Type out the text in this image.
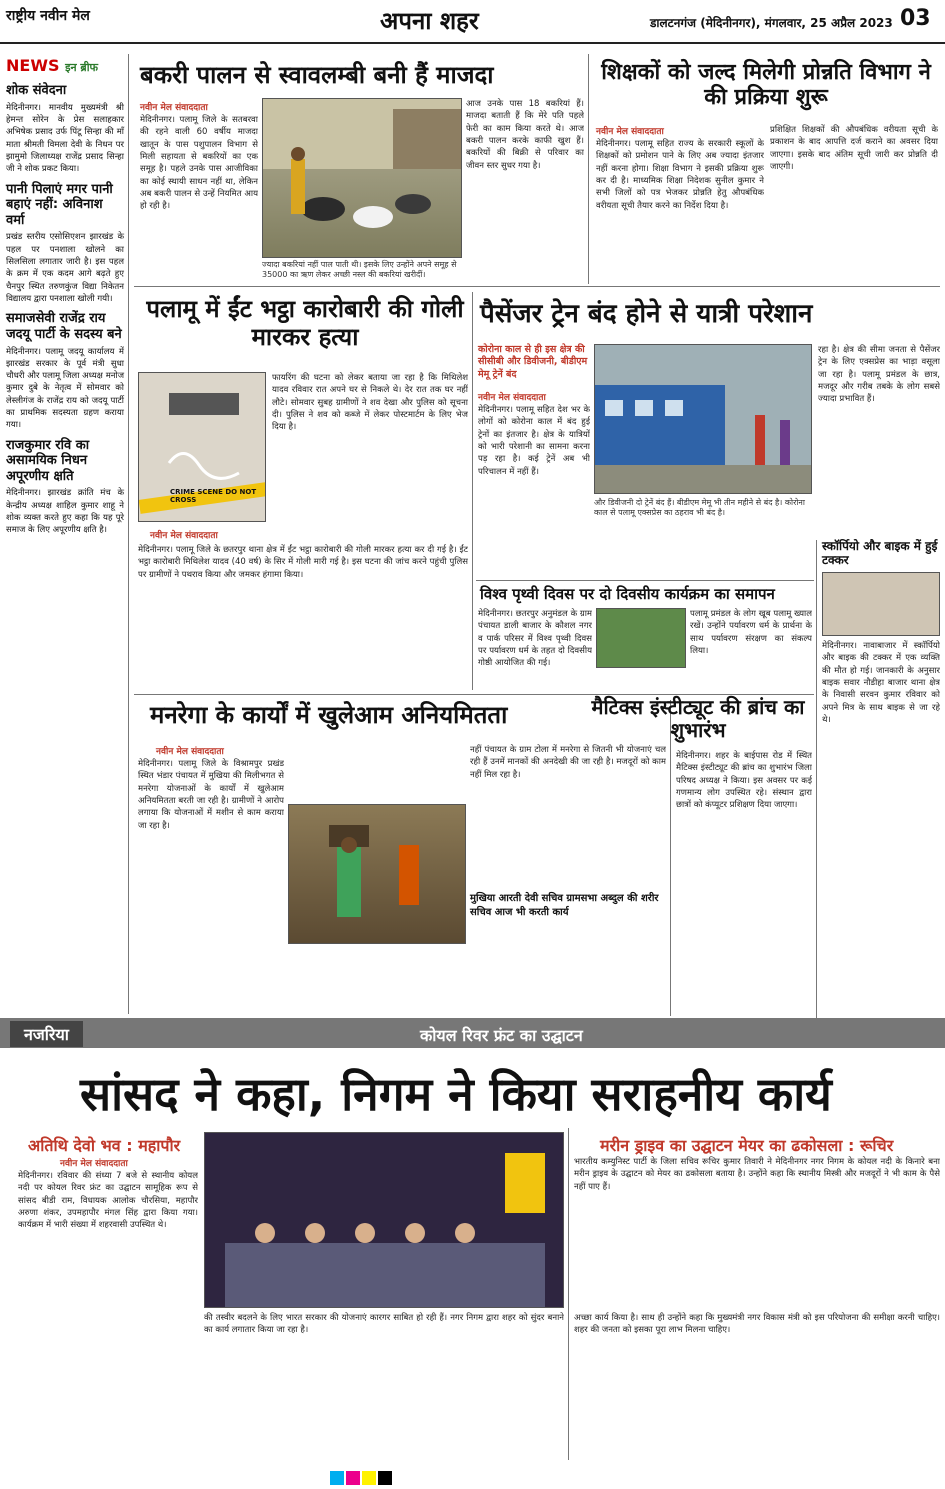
राष्ट्रीय नवीन मेल	अपना शहर	डालटनगंज (मेदिनीनगर), मंगलवार, 25 अप्रैल 2023 03
NEWS इन ब्रीफ
शोक संवेदना
मेदिनीनगर। मानवीय मुख्यमंत्री श्री हेमन्त सोरेन के प्रेस सलाहकार अभिषेक प्रसाद उर्फ पिंटू सिन्हा की माँ माता श्रीमती विमला देवी के निधन पर झामुमो जिलाध्यक्ष राजेंद्र प्रसाद सिन्हा जी ने शोक प्रकट किया।
पानी पिलाएं मगर पानी बहाएं नहीं: अविनाश वर्मा
प्रखंड स्तरीय एसोसिएशन झारखंड के पहल पर पनशाला खोलने का सिलसिला लगातार जारी है। इस पहल के क्रम में एक कदम आगे बढ़ते हुए चैनपुर स्थित तरुणकुंज विद्या निकेतन विद्यालय द्वारा पनशाला खोली गयी।
समाजसेवी राजेंद्र राय जदयू पार्टी के सदस्य बने
मेदिनीनगर। पलामू जदयू कार्यालय में झारखंड सरकार के पूर्व मंत्री सुधा चौधरी और पलामू जिला अध्यक्ष मनोज कुमार दुबे के नेतृत्व में सोमवार को लेस्लीगंज के राजेंद्र राय को जदयू पार्टी का प्राथमिक सदस्यता ग्रहण कराया गया।
राजकुमार रवि का असामयिक निधन अपूरणीय क्षति
मेदिनीनगर। झारखंड क्रांति मंच के केन्द्रीय अध्यक्ष शाहिल कुमार शाहू ने शोक व्यक्त करते हुए कहा कि यह पूरे समाज के लिए अपूरणीय क्षति है।
बकरी पालन से स्वावलम्बी बनी हैं माजदा
नवीन मेल संवाददाता
मेदिनीनगर। पलामू जिले के सतबरवा की रहने वाली 60 वर्षीय माजदा खातून के पास पशुपालन विभाग से मिली सहायता से बकरियों का एक समूह है। पहले उनके पास आजीविका का कोई स्थायी साधन नहीं था, लेकिन अब बकरी पालन से उन्हें नियमित आय हो रही है।
ज्यादा बकरियां नहीं पाल पाती थी। इसके लिए उन्होंने अपने समूह से 35000 का ऋण लेकर अच्छी नस्ल की बकरियां खरीदीं।
आज उनके पास 18 बकरियां हैं। माजदा बताती हैं कि मेरे पति पहले फेरी का काम किया करते थे। आज बकरी पालन करके काफी खुश हैं। बकरियों की बिक्री से परिवार का जीवन स्तर सुधर गया है।
शिक्षकों को जल्द मिलेगी प्रोन्नति विभाग ने की प्रक्रिया शुरू
नवीन मेल संवाददाता
मेदिनीनगर। पलामू सहित राज्य के सरकारी स्कूलों के शिक्षकों को प्रमोशन पाने के लिए अब ज्यादा इंतजार नहीं करना होगा। शिक्षा विभाग ने इसकी प्रक्रिया शुरू कर दी है। माध्यमिक शिक्षा निदेशक सुनील कुमार ने सभी जिलों को पत्र भेजकर प्रोन्नति हेतु औपबंधिक वरीयता सूची तैयार करने का निर्देश दिया है।
प्रशिक्षित शिक्षकों की औपबंधिक वरीयता सूची के प्रकाशन के बाद आपत्ति दर्ज कराने का अवसर दिया जाएगा। इसके बाद अंतिम सूची जारी कर प्रोन्नति दी जाएगी।
पलामू में ईंट भट्ठा कारोबारी की गोली मारकर हत्या
CRIME SCENE DO NOT CROSS
नवीन मेल संवाददाता
मेदिनीनगर। पलामू जिले के छतरपुर थाना क्षेत्र में ईंट भट्ठा कारोबारी की गोली मारकर हत्या कर दी गई है। ईंट भट्ठा कारोबारी मिथिलेश यादव (40 वर्ष) के सिर में गोली मारी गई है। इस घटना की जांच करने पहुंची पुलिस पर ग्रामीणों ने पथराव किया और जमकर हंगामा किया।
फायरिंग की घटना को लेकर बताया जा रहा है कि मिथिलेश यादव रविवार रात अपने घर से निकले थे। देर रात तक घर नहीं लौटे। सोमवार सुबह ग्रामीणों ने शव देखा और पुलिस को सूचना दी। पुलिस ने शव को कब्जे में लेकर पोस्टमार्टम के लिए भेज दिया है।
पैसेंजर ट्रेन बंद होने से यात्री परेशान
कोरोना काल से ही इस क्षेत्र की सीसीबी और डिवीजनी, बीडीएम मेमू ट्रेनें बंद
नवीन मेल संवाददाता
मेदिनीनगर। पलामू सहित देश भर के लोगों को कोरोना काल में बंद हुई ट्रेनों का इंतजार है। क्षेत्र के यात्रियों को भारी परेशानी का सामना करना पड़ रहा है। कई ट्रेनें अब भी परिचालन में नहीं हैं।
और डिवीजनी दो ट्रेनें बंद हैं। बीडीएम मेमू भी तीन महीने से बंद है। कोरोना काल से पलामू एक्सप्रेस का ठहराव भी बंद है।
रहा है। क्षेत्र की सीमा जनता से पैसेंजर ट्रेन के लिए एक्सप्रेस का भाड़ा वसूला जा रहा है। पलामू प्रमंडल के छात्र, मजदूर और गरीब तबके के लोग सबसे ज्यादा प्रभावित हैं।
विश्व पृथ्वी दिवस पर दो दिवसीय कार्यक्रम का समापन
मेदिनीनगर। छतरपुर अनुमंडल के ग्राम पंचायत डाली बाजार के कौशल नगर व पार्क परिसर में विश्व पृथ्वी दिवस पर पर्यावरण धर्म के तहत दो दिवसीय गोष्ठी आयोजित की गई।
पलामू प्रमंडल के लोग खूब पलामू ख्याल रखें। उन्होंने पर्यावरण धर्म के प्रार्थना के साथ पर्यावरण संरक्षण का संकल्प लिया।
स्कॉर्पियो और बाइक में हुई टक्कर
मेदिनीनगर। नावाबाजार में स्कॉर्पियो और बाइक की टक्कर में एक व्यक्ति की मौत हो गई। जानकारी के अनुसार बाइक सवार नौडीहा बाजार थाना क्षेत्र के निवासी सरवन कुमार रविवार को अपने मित्र के साथ बाइक से जा रहे थे।
मनरेगा के कार्यों में खुलेआम अनियमितता
नवीन मेल संवाददाता
मेदिनीनगर। पलामू जिले के विश्रामपुर प्रखंड स्थित भंडार पंचायत में मुखिया की मिलीभगत से मनरेगा योजनाओं के कार्यों में खुलेआम अनियमितता बरती जा रही है। ग्रामीणों ने आरोप लगाया कि योजनाओं में मशीन से काम कराया जा रहा है।
नहीं पंचायत के ग्राम टोला में मनरेगा से जितनी भी योजनाएं चल रही हैं उनमें मानकों की अनदेखी की जा रही है। मजदूरों को काम नहीं मिल रहा है।
मुखिया आरती देवी सचिव ग्रामसभा अब्दुल की शरीर सचिव आज भी करती कार्य
मैटिक्स इंस्टीट्यूट की ब्रांच का शुभारंभ
मेदिनीनगर। शहर के बाईपास रोड में स्थित मैटिक्स इंस्टीट्यूट की ब्रांच का शुभारंभ जिला परिषद अध्यक्ष ने किया। इस अवसर पर कई गणमान्य लोग उपस्थित रहे। संस्थान द्वारा छात्रों को कंप्यूटर प्रशिक्षण दिया जाएगा।
नजरिया	कोयल रिवर फ्रंट का उद्घाटन
सांसद ने कहा, निगम ने किया सराहनीय कार्य
अतिथि देवो भव : महापौर
नवीन मेल संवाददाता
मेदिनीनगर। रविवार की संध्या 7 बजे से स्थानीय कोयल नदी पर कोयल रिवर फ्रंट का उद्घाटन सामूहिक रूप से सांसद बीडी राम, विधायक आलोक चौरसिया, महापौर अरुणा शंकर, उपमहापौर मंगल सिंह द्वारा किया गया। कार्यक्रम में भारी संख्या में शहरवासी उपस्थित थे।
की तस्वीर बदलने के लिए भारत सरकार की योजनाएं कारगर साबित हो रही हैं। नगर निगम द्वारा शहर को सुंदर बनाने का कार्य लगातार किया जा रहा है।
मरीन ड्राइव का उद्घाटन मेयर का ढकोसला : रूचिर
भारतीय कम्युनिस्ट पार्टी के जिला सचिव रूचिर कुमार तिवारी ने मेदिनीनगर नगर निगम के कोयल नदी के किनारे बना मरीन ड्राइव के उद्घाटन को मेयर का ढकोसला बताया है। उन्होंने कहा कि स्थानीय मिस्त्री और मजदूरों ने भी काम के पैसे नहीं पाए हैं।
अच्छा कार्य किया है। साथ ही उन्होंने कहा कि मुख्यमंत्री नगर विकास मंत्री को इस परियोजना की समीक्षा करनी चाहिए। शहर की जनता को इसका पूरा लाभ मिलना चाहिए।
